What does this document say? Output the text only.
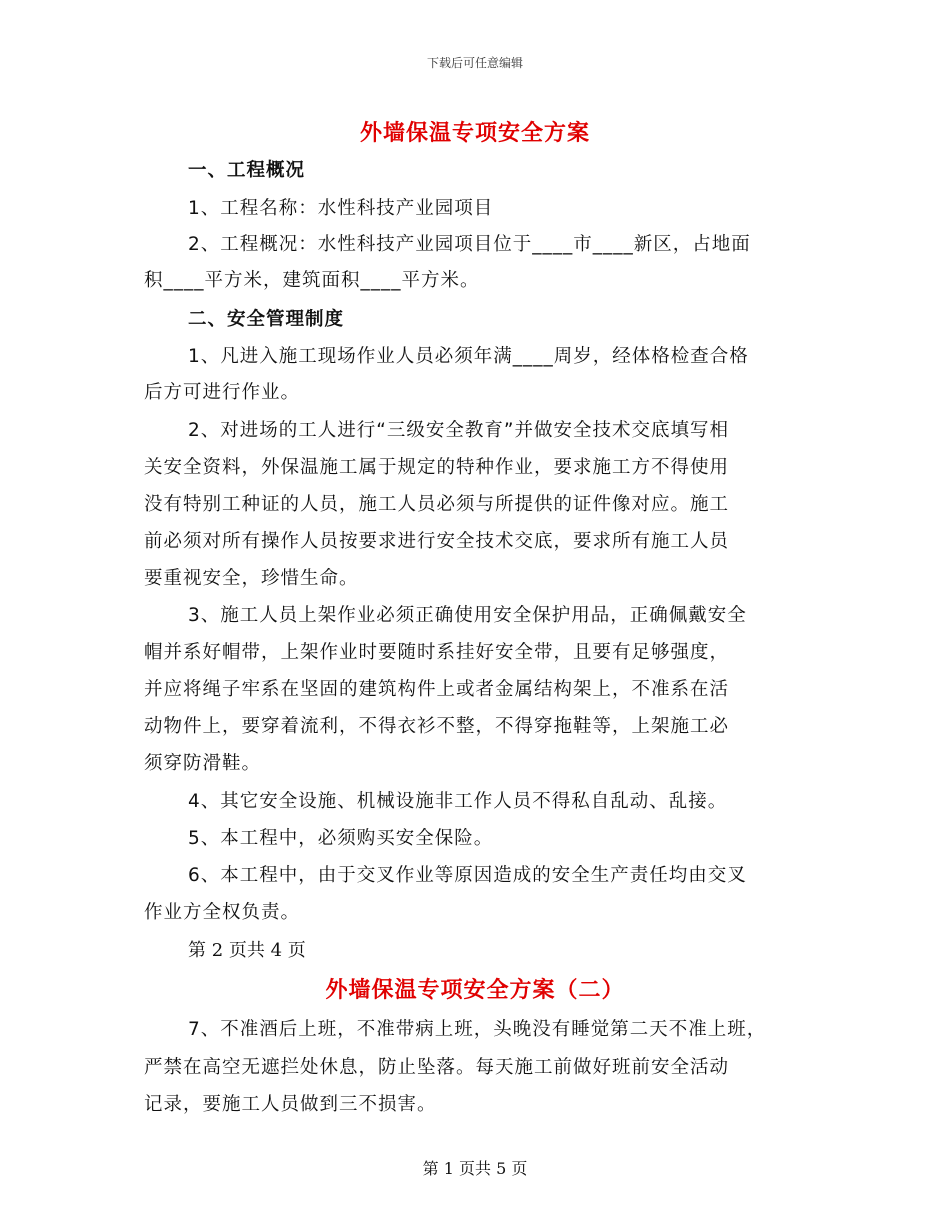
下载后可任意编辑
外墙保温专项安全方案
一、工程概况
1、工程名称：水性科技产业园项目
2、工程概况：水性科技产业园项目位于____市____新区，占地面
积____平方米，建筑面积____平方米。
二、安全管理制度
1、凡进入施工现场作业人员必须年满____周岁，经体格检查合格
后方可进行作业。
2、对进场的工人进行“三级安全教育”并做安全技术交底填写相
关安全资料，外保温施工属于规定的特种作业，要求施工方不得使用
没有特别工种证的人员，施工人员必须与所提供的证件像对应。施工
前必须对所有操作人员按要求进行安全技术交底，要求所有施工人员
要重视安全，珍惜生命。
3、施工人员上架作业必须正确使用安全保护用品，正确佩戴安全
帽并系好帽带，上架作业时要随时系挂好安全带，且要有足够强度，
并应将绳子牢系在坚固的建筑构件上或者金属结构架上，不准系在活
动物件上，要穿着流利，不得衣衫不整，不得穿拖鞋等，上架施工必
须穿防滑鞋。
4、其它安全设施、机械设施非工作人员不得私自乱动、乱接。
5、本工程中，必须购买安全保险。
6、本工程中，由于交叉作业等原因造成的安全生产责任均由交叉
作业方全权负责。
第 2 页共 4 页
外墙保温专项安全方案（二）
7、不准酒后上班，不准带病上班，头晚没有睡觉第二天不准上班，
严禁在高空无遮拦处休息，防止坠落。每天施工前做好班前安全活动
记录，要施工人员做到三不损害。
第 1 页共 5 页
